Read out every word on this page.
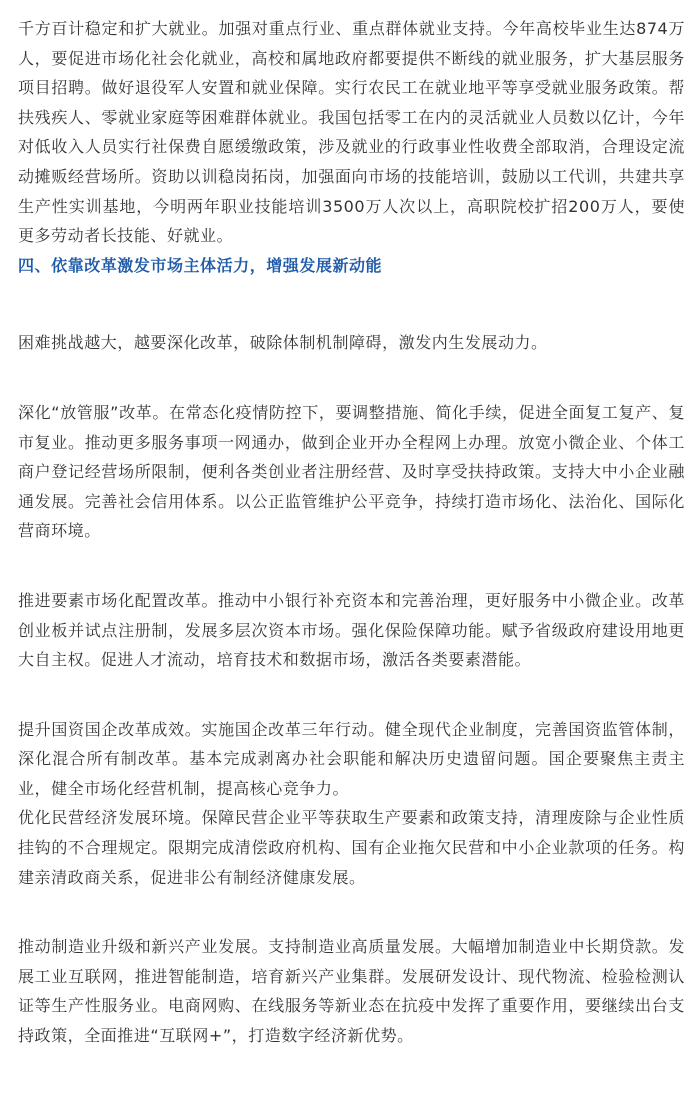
千方百计稳定和扩大就业。加强对重点行业、重点群体就业支持。今年高校毕业生达874万人，要促进市场化社会化就业，高校和属地政府都要提供不断线的就业服务，扩大基层服务项目招聘。做好退役军人安置和就业保障。实行农民工在就业地平等享受就业服务政策。帮扶残疾人、零就业家庭等困难群体就业。我国包括零工在内的灵活就业人员数以亿计，今年对低收入人员实行社保费自愿缓缴政策，涉及就业的行政事业性收费全部取消，合理设定流动摊贩经营场所。资助以训稳岗拓岗，加强面向市场的技能培训，鼓励以工代训，共建共享生产性实训基地，今明两年职业技能培训3500万人次以上，高职院校扩招200万人，要使更多劳动者长技能、好就业。

四、依靠改革激发市场主体活力，增强发展新动能

困难挑战越大，越要深化改革，破除体制机制障碍，激发内生发展动力。

深化“放管服”改革。在常态化疫情防控下，要调整措施、简化手续，促进全面复工复产、复市复业。推动更多服务事项一网通办，做到企业开办全程网上办理。放宽小微企业、个体工商户登记经营场所限制，便利各类创业者注册经营、及时享受扶持政策。支持大中小企业融通发展。完善社会信用体系。以公正监管维护公平竞争，持续打造市场化、法治化、国际化营商环境。

推进要素市场化配置改革。推动中小银行补充资本和完善治理，更好服务中小微企业。改革创业板并试点注册制，发展多层次资本市场。强化保险保障功能。赋予省级政府建设用地更大自主权。促进人才流动，培育技术和数据市场，激活各类要素潜能。

提升国资国企改革成效。实施国企改革三年行动。健全现代企业制度，完善国资监管体制，深化混合所有制改革。基本完成剥离办社会职能和解决历史遗留问题。国企要聚焦主责主业，健全市场化经营机制，提高核心竞争力。

优化民营经济发展环境。保障民营企业平等获取生产要素和政策支持，清理废除与企业性质挂钩的不合理规定。限期完成清偿政府机构、国有企业拖欠民营和中小企业款项的任务。构建亲清政商关系，促进非公有制经济健康发展。

推动制造业升级和新兴产业发展。支持制造业高质量发展。大幅增加制造业中长期贷款。发展工业互联网，推进智能制造，培育新兴产业集群。发展研发设计、现代物流、检验检测认证等生产性服务业。电商网购、在线服务等新业态在抗疫中发挥了重要作用，要继续出台支持政策，全面推进“互联网+”，打造数字经济新优势。
